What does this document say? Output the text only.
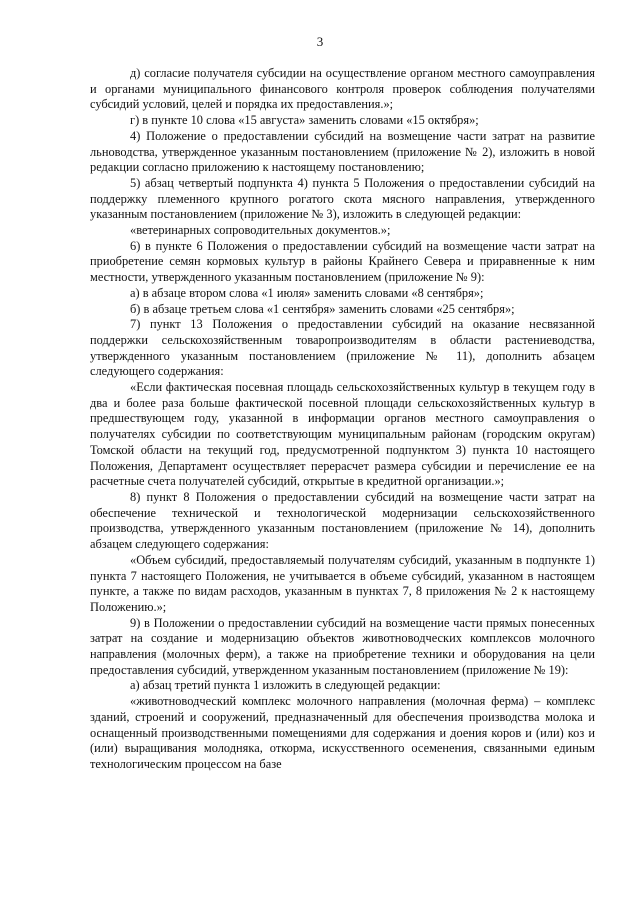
3

д) согласие получателя субсидии на осуществление органом местного самоуправления и органами муниципального финансового контроля проверок соблюдения получателями субсидий условий, целей и порядка их предоставления.»;

г) в пункте 10 слова «15 августа» заменить словами «15 октября»;

4) Положение о предоставлении субсидий на возмещение части затрат на развитие льноводства, утвержденное указанным постановлением (приложение № 2), изложить в новой редакции согласно приложению к настоящему постановлению;

5) абзац четвертый подпункта 4) пункта 5 Положения о предоставлении субсидий на поддержку племенного крупного рогатого скота мясного направления, утвержденного указанным постановлением (приложение № 3), изложить в следующей редакции:

«ветеринарных сопроводительных документов.»;

6) в пункте 6 Положения о предоставлении субсидий на возмещение части затрат на приобретение семян кормовых культур в районы Крайнего Севера и приравненные к ним местности, утвержденного указанным постановлением (приложение № 9):

а) в абзаце втором слова «1 июля» заменить словами «8 сентября»;

б) в абзаце третьем слова «1 сентября» заменить словами «25 сентября»;

7) пункт 13 Положения о предоставлении субсидий на оказание несвязанной поддержки сельскохозяйственным товаропроизводителям в области растениеводства, утвержденного указанным постановлением (приложение № 11), дополнить абзацем следующего содержания:

«Если фактическая посевная площадь сельскохозяйственных культур в текущем году в два и более раза больше фактической посевной площади сельскохозяйственных культур в предшествующем году, указанной в информации органов местного самоуправления о получателях субсидии по соответствующим муниципальным районам (городским округам) Томской области на текущий год, предусмотренной подпунктом 3) пункта 10 настоящего Положения, Департамент осуществляет перерасчет размера субсидии и перечисление ее на расчетные счета получателей субсидий, открытые в кредитной организации.»;

8) пункт 8 Положения о предоставлении субсидий на возмещение части затрат на обеспечение технической и технологической модернизации сельскохозяйственного производства, утвержденного указанным постановлением (приложение № 14), дополнить абзацем следующего содержания:

«Объем субсидий, предоставляемый получателям субсидий, указанным в подпункте 1) пункта 7 настоящего Положения, не учитывается в объеме субсидий, указанном в настоящем пункте, а также по видам расходов, указанным в пунктах 7, 8 приложения № 2 к настоящему Положению.»;

9) в Положении о предоставлении субсидий на возмещение части прямых понесенных затрат на создание и модернизацию объектов животноводческих комплексов молочного направления (молочных ферм), а также на приобретение техники и оборудования на цели предоставления субсидий, утвержденном указанным постановлением (приложение № 19):

а) абзац третий пункта 1 изложить в следующей редакции:

«животноводческий комплекс молочного направления (молочная ферма) – комплекс зданий, строений и сооружений, предназначенный для обеспечения производства молока и оснащенный производственными помещениями для содержания и доения коров и (или) коз и (или) выращивания молодняка, откорма, искусственного осеменения, связанными единым технологическим процессом на базе
